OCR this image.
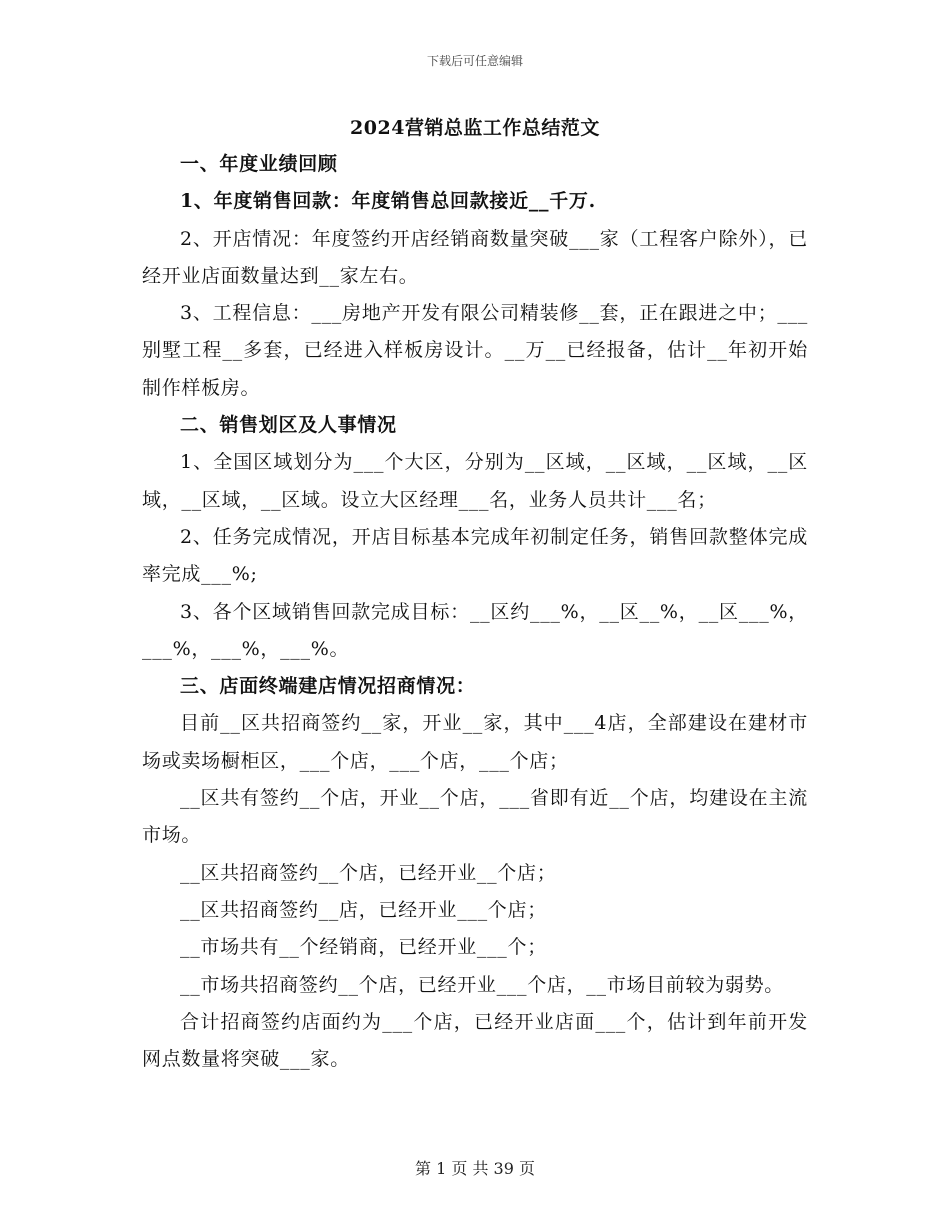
下载后可任意编辑
2024营销总监工作总结范文

一、年度业绩回顾

1、年度销售回款：年度销售总回款接近__千万.

2、开店情况：年度签约开店经销商数量突破___家（工程客户除外），已经开业店面数量达到__家左右。

3、工程信息：___房地产开发有限公司精装修__套，正在跟进之中；___别墅工程__多套，已经进入样板房设计。__万__已经报备，估计__年初开始制作样板房。

二、销售划区及人事情况

1、全国区域划分为___个大区，分别为__区域，__区域，__区域，__区域，__区域，__区域。设立大区经理___名，业务人员共计___名；

2、任务完成情况，开店目标基本完成年初制定任务，销售回款整体完成率完成___%;

3、各个区域销售回款完成目标：__区约___%，__区__%，__区___%，___%，___%，___%。

三、店面终端建店情况招商情况：

目前__区共招商签约__家，开业__家，其中___4店，全部建设在建材市场或卖场橱柜区，___个店，___个店，___个店；

__区共有签约__个店，开业__个店，___省即有近__个店，均建设在主流市场。

__区共招商签约__个店，已经开业__个店；

__区共招商签约__店，已经开业___个店；

__市场共有__个经销商，已经开业___个；

__市场共招商签约__个店，已经开业___个店，__市场目前较为弱势。

合计招商签约店面约为___个店，已经开业店面___个，估计到年前开发网点数量将突破___家。

第 1 页 共 39 页
